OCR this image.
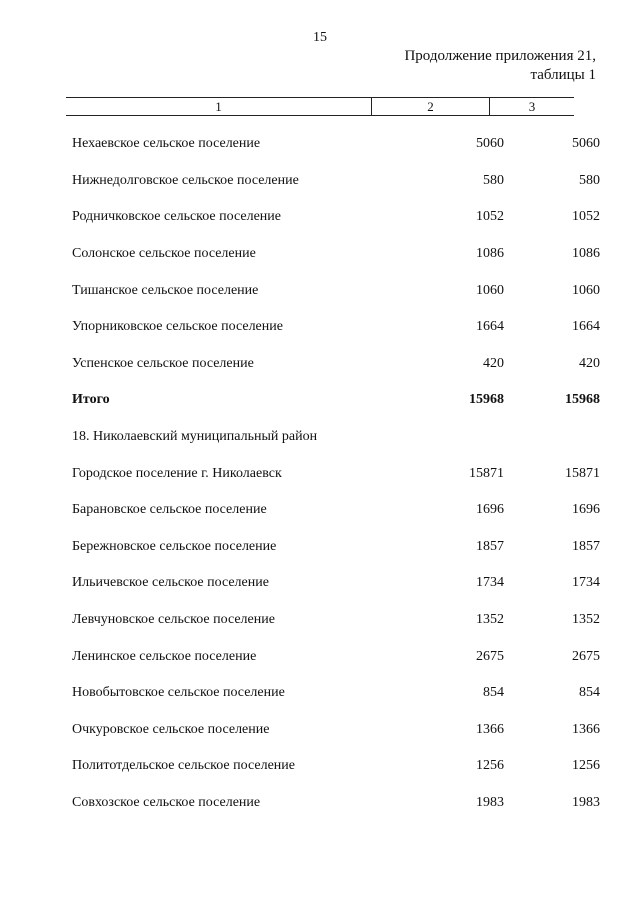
15
Продолжение приложения 21,
таблицы 1
1	2	3
Нехаевское сельское поселение	5060	5060
Нижнедолговское сельское поселение	580	580
Родничковское сельское поселение	1052	1052
Солонское сельское поселение	1086	1086
Тишанское сельское поселение	1060	1060
Упорниковское сельское поселение	1664	1664
Успенское сельское поселение	420	420
Итого	15968	15968
18. Николаевский муниципальный район
Городское поселение г. Николаевск	15871	15871
Барановское сельское поселение	1696	1696
Бережновское сельское поселение	1857	1857
Ильичевское сельское поселение	1734	1734
Левчуновское сельское поселение	1352	1352
Ленинское сельское поселение	2675	2675
Новобытовское сельское поселение	854	854
Очкуровское сельское поселение	1366	1366
Политотдельское сельское поселение	1256	1256
Совхозское сельское поселение	1983	1983
